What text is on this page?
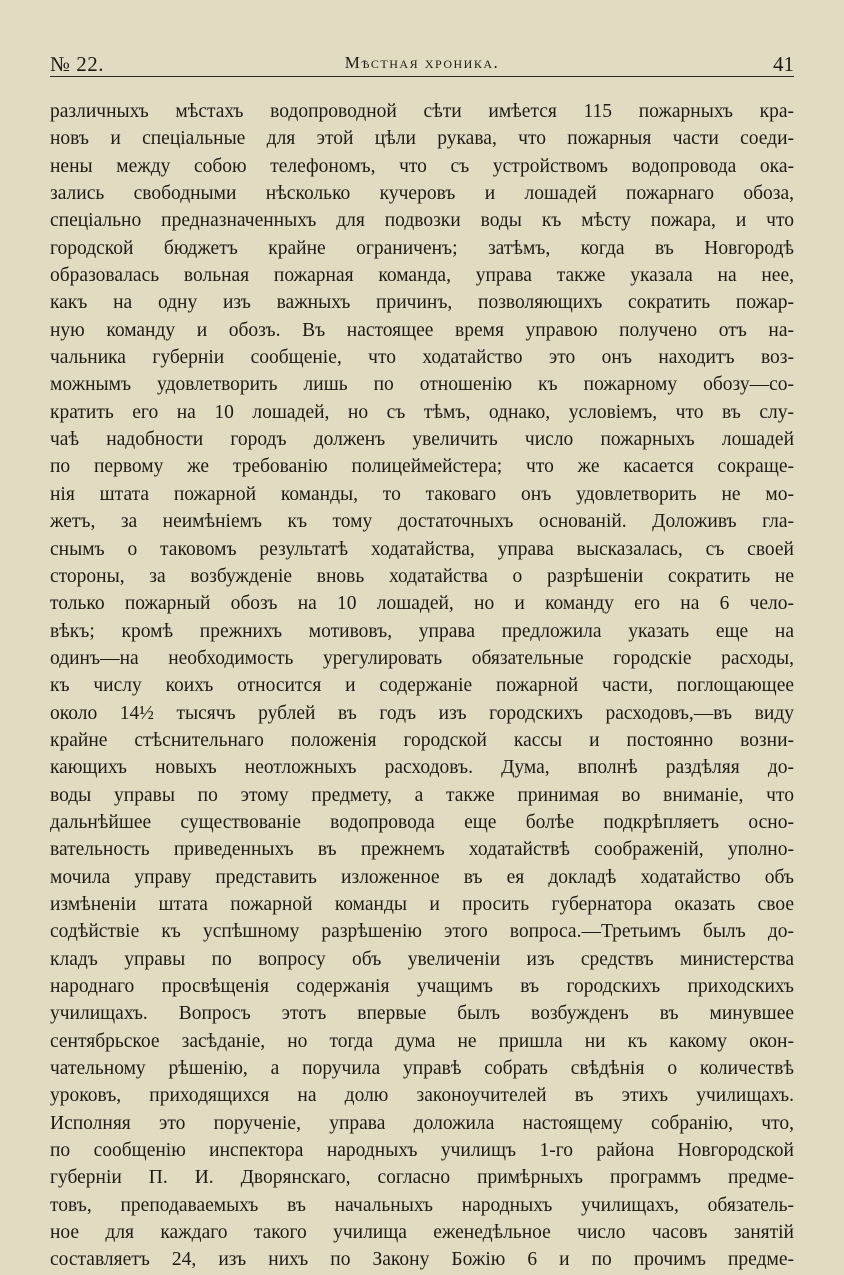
№ 22.	Мѣстная хроника.	41
различныхъ мѣстахъ водопроводной сѣти имѣется 115 пожарныхъ кра-
новъ и спеціальные для этой цѣли рукава, что пожарныя части соеди-
нены между собою телефономъ, что съ устройствомъ водопровода ока-
зались свободными нѣсколько кучеровъ и лошадей пожарнаго обоза,
спеціально предназначенныхъ для подвозки воды къ мѣсту пожара, и что
городской бюджетъ крайне ограниченъ; затѣмъ, когда въ Новгородѣ
образовалась вольная пожарная команда, управа также указала на нее,
какъ на одну изъ важныхъ причинъ, позволяющихъ сократить пожар-
ную команду и обозъ. Въ настоящее время управою получено отъ на-
чальника губерніи сообщеніе, что ходатайство это онъ находитъ воз-
можнымъ удовлетворить лишь по отношенію къ пожарному обозу—со-
кратить его на 10 лошадей, но съ тѣмъ, однако, условіемъ, что въ слу-
чаѣ надобности городъ долженъ увеличить число пожарныхъ лошадей
по первому же требованію полицеймейстера; что же касается сокраще-
нія штата пожарной команды, то таковаго онъ удовлетворить не мо-
жетъ, за неимѣніемъ къ тому достаточныхъ основаній. Доложивъ гла-
снымъ о таковомъ результатѣ ходатайства, управа высказалась, съ своей
стороны, за возбужденіе вновь ходатайства о разрѣшеніи сократить не
только пожарный обозъ на 10 лошадей, но и команду его на 6 чело-
вѣкъ; кромѣ прежнихъ мотивовъ, управа предложила указать еще на
одинъ—на необходимость урегулировать обязательные городскіе расходы,
къ числу коихъ относится и содержаніе пожарной части, поглощающее
около 14½ тысячъ рублей въ годъ изъ городскихъ расходовъ,—въ виду
крайне стѣснительнаго положенія городской кассы и постоянно возни-
кающихъ новыхъ неотложныхъ расходовъ. Дума, вполнѣ раздѣляя до-
воды управы по этому предмету, а также принимая во вниманіе, что
дальнѣйшее существованіе водопровода еще болѣе подкрѣпляетъ осно-
вательность приведенныхъ въ прежнемъ ходатайствѣ соображеній, уполно-
мочила управу представить изложенное въ ея докладѣ ходатайство объ
измѣненіи штата пожарной команды и просить губернатора оказать свое
содѣйствіе къ успѣшному разрѣшенію этого вопроса.—Третьимъ былъ до-
кладъ управы по вопросу объ увеличеніи изъ средствъ министерства
народнаго просвѣщенія содержанія учащимъ въ городскихъ приходскихъ
училищахъ. Вопросъ этотъ впервые былъ возбужденъ въ минувшее
сентябрьское засѣданіе, но тогда дума не пришла ни къ какому окон-
чательному рѣшенію, а поручила управѣ собрать свѣдѣнія о количествѣ
уроковъ, приходящихся на долю законоучителей въ этихъ училищахъ.
Исполняя это порученіе, управа доложила настоящему собранію, что,
по сообщенію инспектора народныхъ училищъ 1-го района Новгородской
губерніи П. И. Дворянскаго, согласно примѣрныхъ программъ предме-
товъ, преподаваемыхъ въ начальныхъ народныхъ училищахъ, обязатель-
ное для каждаго такого училища еженедѣльное число часовъ занятій
составляетъ 24, изъ нихъ по Закону Божію 6 и по прочимъ предме-
